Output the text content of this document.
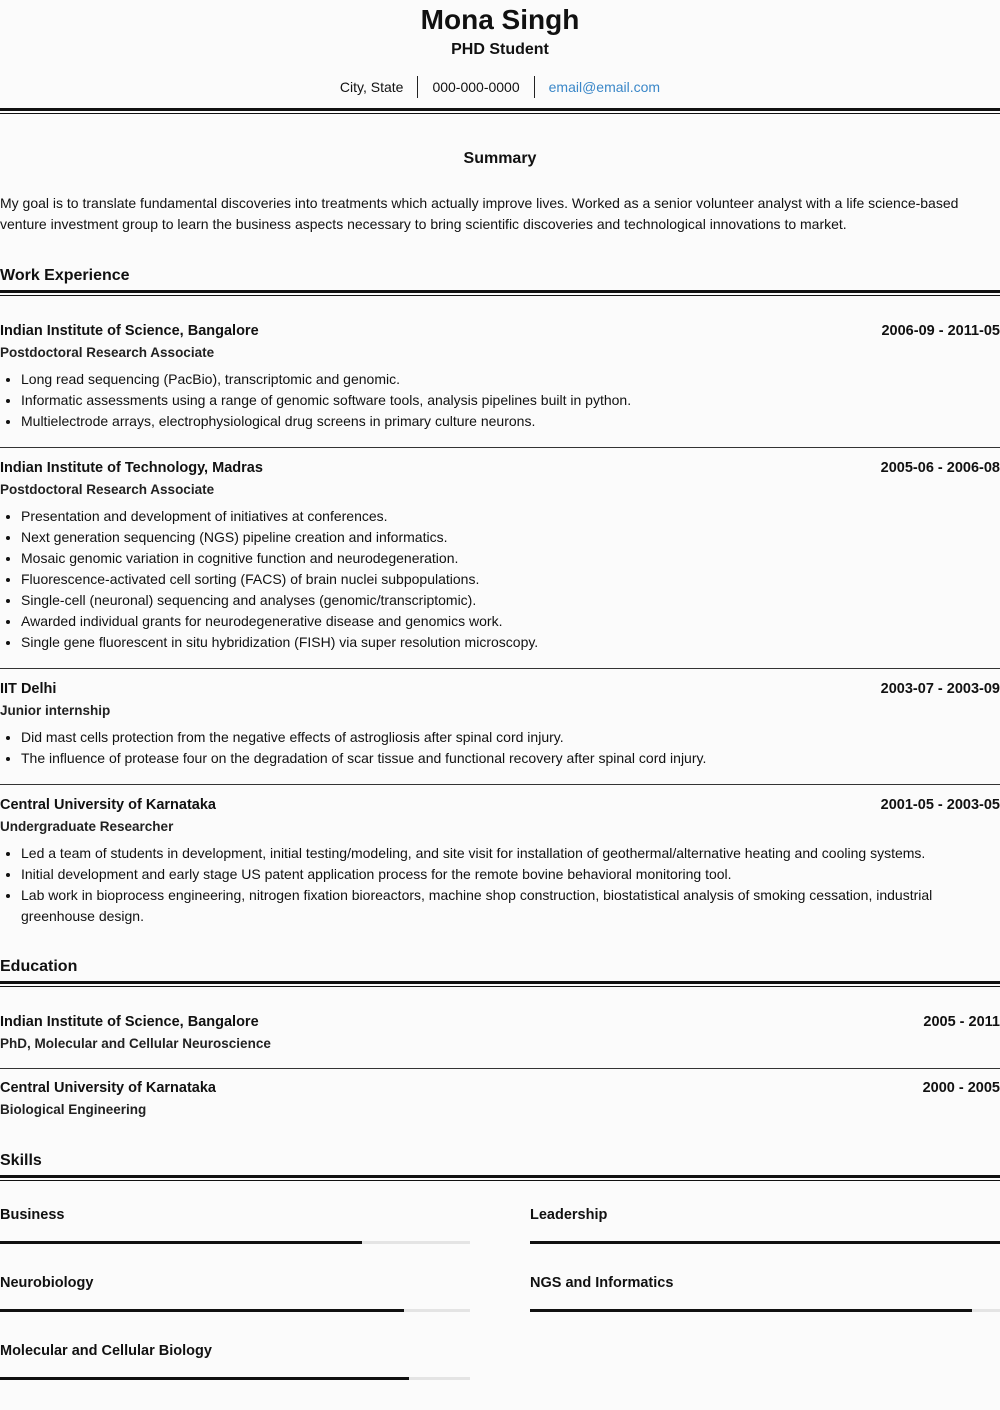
Mona Singh
PHD Student
City, State	000-000-0000	email@email.com
Summary

My goal is to translate fundamental discoveries into treatments which actually improve lives. Worked as a senior volunteer analyst with a life science-based venture investment group to learn the business aspects necessary to bring scientific discoveries and technological innovations to market.

Work Experience
Indian Institute of Science, Bangalore	2006-09 - 2011-05
Postdoctoral Research Associate
• Long read sequencing (PacBio), transcriptomic and genomic.
• Informatic assessments using a range of genomic software tools, analysis pipelines built in python.
• Multielectrode arrays, electrophysiological drug screens in primary culture neurons.
Indian Institute of Technology, Madras	2005-06 - 2006-08
Postdoctoral Research Associate
• Presentation and development of initiatives at conferences.
• Next generation sequencing (NGS) pipeline creation and informatics.
• Mosaic genomic variation in cognitive function and neurodegeneration.
• Fluorescence-activated cell sorting (FACS) of brain nuclei subpopulations.
• Single-cell (neuronal) sequencing and analyses (genomic/transcriptomic).
• Awarded individual grants for neurodegenerative disease and genomics work.
• Single gene fluorescent in situ hybridization (FISH) via super resolution microscopy.
IIT Delhi	2003-07 - 2003-09
Junior internship
• Did mast cells protection from the negative effects of astrogliosis after spinal cord injury.
• The influence of protease four on the degradation of scar tissue and functional recovery after spinal cord injury.
Central University of Karnataka	2001-05 - 2003-05
Undergraduate Researcher
• Led a team of students in development, initial testing/modeling, and site visit for installation of geothermal/alternative heating and cooling systems.
• Initial development and early stage US patent application process for the remote bovine behavioral monitoring tool.
• Lab work in bioprocess engineering, nitrogen fixation bioreactors, machine shop construction, biostatistical analysis of smoking cessation, industrial greenhouse design.
Education
Indian Institute of Science, Bangalore	2005 - 2011
PhD, Molecular and Cellular Neuroscience
Central University of Karnataka	2000 - 2005
Biological Engineering
Skills
Business	Leadership
Neurobiology	NGS and Informatics
Molecular and Cellular Biology
